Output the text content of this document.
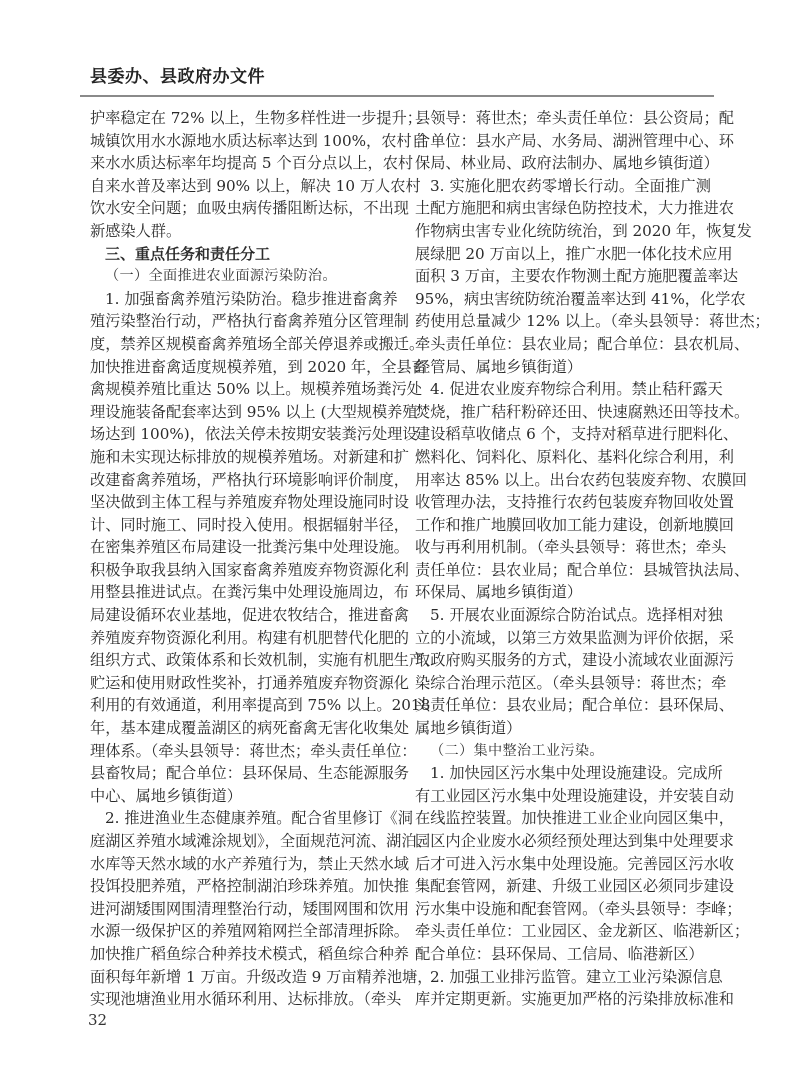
县委办、县政府办文件
护率稳定在 72% 以上，生物多样性进一步提升；
城镇饮用水水源地水质达标率达到 100%，农村自
来水水质达标率年均提高 5 个百分点以上，农村
自来水普及率达到 90% 以上，解决 10 万人农村
饮水安全问题；血吸虫病传播阻断达标，不出现
新感染人群。
三、重点任务和责任分工
（一）全面推进农业面源污染防治。
1. 加强畜禽养殖污染防治。稳步推进畜禽养
殖污染整治行动，严格执行畜禽养殖分区管理制
度，禁养区规模畜禽养殖场全部关停退养或搬迁。
加快推进畜禽适度规模养殖，到 2020 年，全县畜
禽规模养殖比重达 50% 以上。规模养殖场粪污处
理设施装备配套率达到 95% 以上 (大型规模养殖
场达到 100%)，依法关停未按期安装粪污处理设
施和未实现达标排放的规模养殖场。对新建和扩
改建畜禽养殖场，严格执行环境影响评价制度，
坚决做到主体工程与养殖废弃物处理设施同时设
计、同时施工、同时投入使用。根据辐射半径，
在密集养殖区布局建设一批粪污集中处理设施。
积极争取我县纳入国家畜禽养殖废弃物资源化利
用整县推进试点。在粪污集中处理设施周边，布
局建设循环农业基地，促进农牧结合，推进畜禽
养殖废弃物资源化利用。构建有机肥替代化肥的
组织方式、政策体系和长效机制，实施有机肥生产、
贮运和使用财政性奖补，打通养殖废弃物资源化
利用的有效通道，利用率提高到 75% 以上。2018
年，基本建成覆盖湖区的病死畜禽无害化收集处
理体系。（牵头县领导：蒋世杰；牵头责任单位：
县畜牧局；配合单位：县环保局、生态能源服务
中心、属地乡镇街道）
2. 推进渔业生态健康养殖。配合省里修订《洞
庭湖区养殖水域滩涂规划》，全面规范河流、湖泊、
水库等天然水域的水产养殖行为，禁止天然水域
投饵投肥养殖，严格控制湖泊珍珠养殖。加快推
进河湖矮围网围清理整治行动，矮围网围和饮用
水源一级保护区的养殖网箱网拦全部清理拆除。
加快推广稻鱼综合种养技术模式，稻鱼综合种养
面积每年新增 1 万亩。升级改造 9 万亩精养池塘，
实现池塘渔业用水循环利用、达标排放。（牵头
县领导：蒋世杰；牵头责任单位：县公资局；配
合单位：县水产局、水务局、湖洲管理中心、环
保局、林业局、政府法制办、属地乡镇街道）
3. 实施化肥农药零增长行动。全面推广测
土配方施肥和病虫害绿色防控技术，大力推进农
作物病虫害专业化统防统治，到 2020 年，恢复发
展绿肥 20 万亩以上，推广水肥一体化技术应用
面积 3 万亩，主要农作物测土配方施肥覆盖率达
95%，病虫害统防统治覆盖率达到 41%，化学农
药使用总量减少 12% 以上。（牵头县领导：蒋世杰；
牵头责任单位：县农业局；配合单位：县农机局、
经管局、属地乡镇街道）
4. 促进农业废弃物综合利用。禁止秸秆露天
焚烧，推广秸秆粉碎还田、快速腐熟还田等技术。
建设稻草收储点 6 个，支持对稻草进行肥料化、
燃料化、饲料化、原料化、基料化综合利用，利
用率达 85% 以上。出台农药包装废弃物、农膜回
收管理办法，支持推行农药包装废弃物回收处置
工作和推广地膜回收加工能力建设，创新地膜回
收与再利用机制。（牵头县领导：蒋世杰；牵头
责任单位：县农业局；配合单位：县城管执法局、
环保局、属地乡镇街道）
5. 开展农业面源综合防治试点。选择相对独
立的小流域，以第三方效果监测为评价依据，采
取政府购买服务的方式，建设小流域农业面源污
染综合治理示范区。（牵头县领导：蒋世杰；牵
头责任单位：县农业局；配合单位：县环保局、
属地乡镇街道）
（二）集中整治工业污染。
1. 加快园区污水集中处理设施建设。完成所
有工业园区污水集中处理设施建设，并安装自动
在线监控装置。加快推进工业企业向园区集中，
园区内企业废水必须经预处理达到集中处理要求
后才可进入污水集中处理设施。完善园区污水收
集配套管网，新建、升级工业园区必须同步建设
污水集中设施和配套管网。（牵头县领导：李峰；
牵头责任单位：工业园区、金龙新区、临港新区；
配合单位：县环保局、工信局、临港新区）
2. 加强工业排污监管。建立工业污染源信息
库并定期更新。实施更加严格的污染排放标准和
32
